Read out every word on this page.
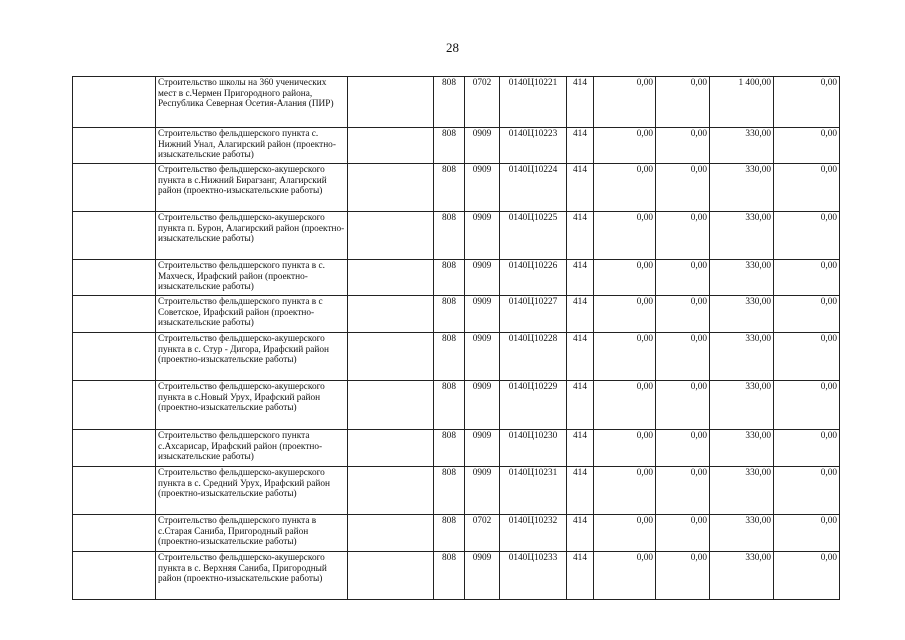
28
	Строительство школы на 360 ученических мест в с.Чермен Пригородного района, Республика Северная Осетия-Алания (ПИР)		808	0702	0140Ц10221	414	0,00	0,00	1 400,00	0,00
	Строительство фельдшерского пункта с. Нижний Унал, Алагирский район (проектно-изыскательские работы)		808	0909	0140Ц10223	414	0,00	0,00	330,00	0,00
	Строительство фельдшерско-акушерского пункта в с.Нижний Бирагзанг, Алагирский район (проектно-изыскательские работы)		808	0909	0140Ц10224	414	0,00	0,00	330,00	0,00
	Строительство фельдшерско-акушерского пункта п. Бурон, Алагирский район (проектно-изыскательские работы)		808	0909	0140Ц10225	414	0,00	0,00	330,00	0,00
	Строительство фельдшерского пункта в с. Махческ, Ирафский район (проектно-изыскательские работы)		808	0909	0140Ц10226	414	0,00	0,00	330,00	0,00
	Строительство фельдшерского пункта в с Советское, Ирафский район (проектно-изыскательские работы)		808	0909	0140Ц10227	414	0,00	0,00	330,00	0,00
	Строительство фельдшерско-акушерского пункта в с. Стур - Дигора, Ирафский район (проектно-изыскательские работы)		808	0909	0140Ц10228	414	0,00	0,00	330,00	0,00
	Строительство фельдшерско-акушерского пункта в с.Новый Урух, Ирафский район (проектно-изыскательские работы)		808	0909	0140Ц10229	414	0,00	0,00	330,00	0,00
	Строительство фельдшерского пункта с.Ахсарисар, Ирафский район (проектно-изыскательские работы)		808	0909	0140Ц10230	414	0,00	0,00	330,00	0,00
	Строительство фельдшерско-акушерского пункта в с. Средний Урух, Ирафский район (проектно-изыскательские работы)		808	0909	0140Ц10231	414	0,00	0,00	330,00	0,00
	Строительство фельдшерского пункта в с.Старая Саниба, Пригородный район (проектно-изыскательские работы)		808	0702	0140Ц10232	414	0,00	0,00	330,00	0,00
	Строительство фельдшерско-акушерского пункта в с. Верхняя Саниба, Пригородный район (проектно-изыскательские работы)		808	0909	0140Ц10233	414	0,00	0,00	330,00	0,00
